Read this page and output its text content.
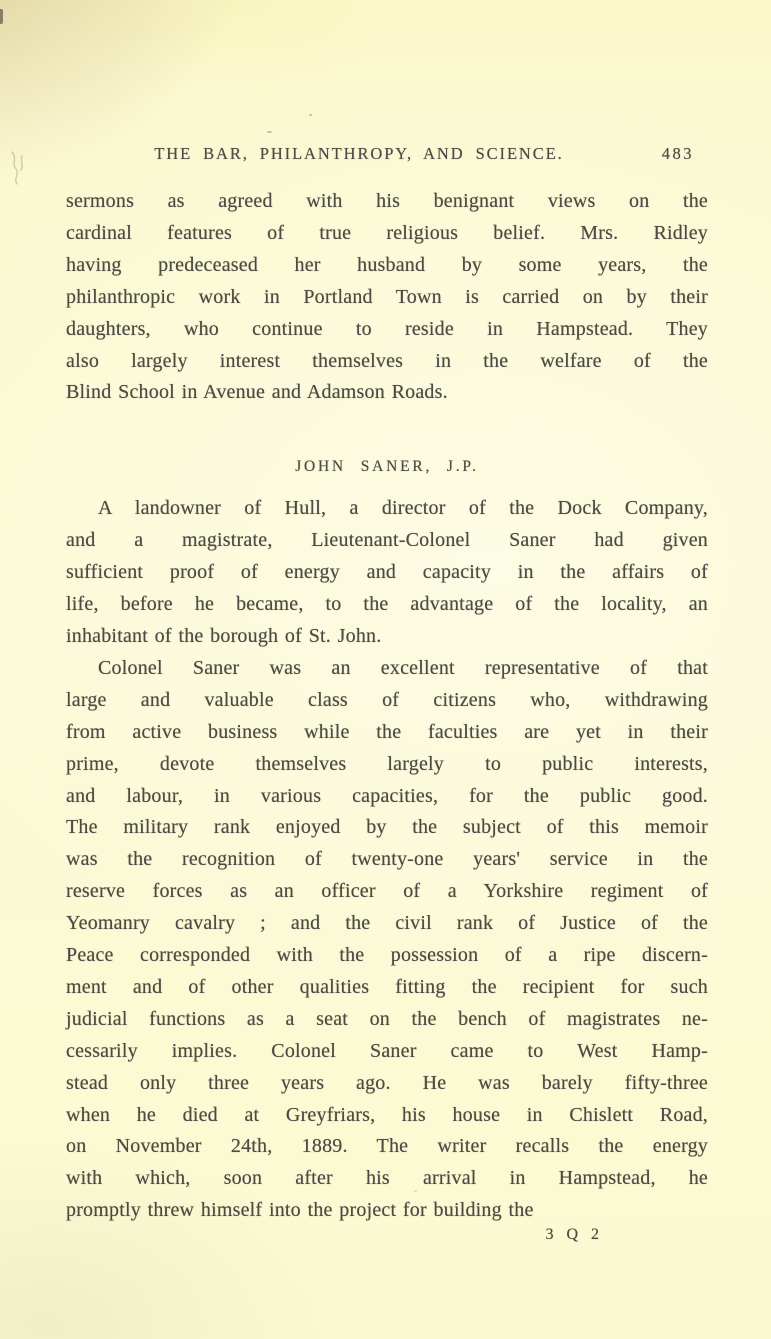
THE BAR, PHILANTHROPY, AND SCIENCE.	483
sermons as agreed with his benignant views on the
cardinal features of true religious belief. Mrs. Ridley
having predeceased her husband by some years, the
philanthropic work in Portland Town is carried on by their
daughters, who continue to reside in Hampstead. They
also largely interest themselves in the welfare of the
Blind School in Avenue and Adamson Roads.
JOHN SANER, J.P.
A landowner of Hull, a director of the Dock Company,
and a magistrate, Lieutenant-Colonel Saner had given
sufficient proof of energy and capacity in the affairs of
life, before he became, to the advantage of the locality, an
inhabitant of the borough of St. John.
Colonel Saner was an excellent representative of that
large and valuable class of citizens who, withdrawing
from active business while the faculties are yet in their
prime, devote themselves largely to public interests,
and labour, in various capacities, for the public good.
The military rank enjoyed by the subject of this memoir
was the recognition of twenty-one years' service in the
reserve forces as an officer of a Yorkshire regiment of
Yeomanry cavalry ; and the civil rank of Justice of the
Peace corresponded with the possession of a ripe discern-
ment and of other qualities fitting the recipient for such
judicial functions as a seat on the bench of magistrates ne-
cessarily implies. Colonel Saner came to West Hamp-
stead only three years ago. He was barely fifty-three
when he died at Greyfriars, his house in Chislett Road,
on November 24th, 1889. The writer recalls the energy
with which, soon after his arrival in Hampstead, he
promptly threw himself into the project for building the
3 Q 2
